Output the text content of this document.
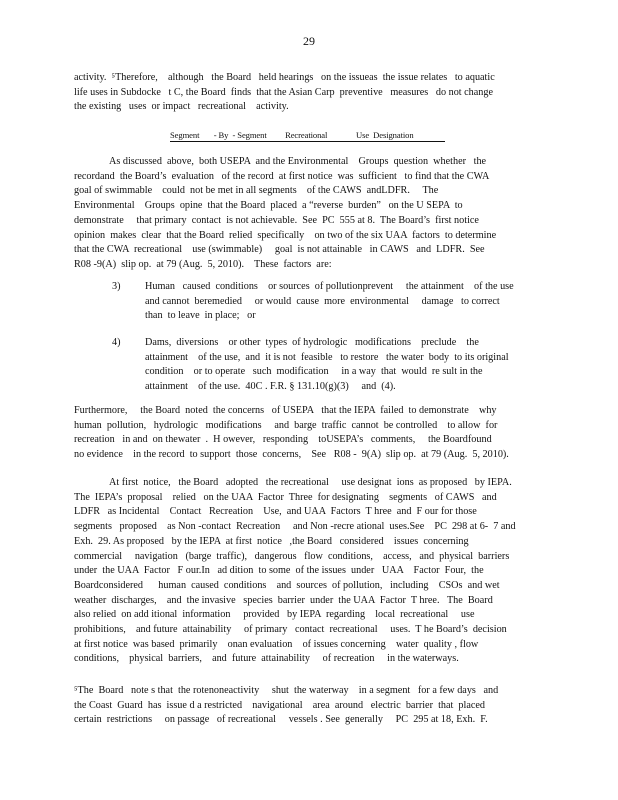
29
activity.  ⁵Therefore,    although   the Board   held hearings   on the issueas  the issue relates   to aquatic
life uses in Subdocke   t C, the Board  finds  that the Asian Carp  preventive   measures   do not change
the existing   uses  or impact   recreational    activity.
Segment       - By  - Segment         Recreational              Use  Designation
As discussed  above,  both USEPA  and the Environmental    Groups  question  whether   the
recordand  the Board’s  evaluation   of the record  at first notice  was  sufficient   to find that the CWA
goal of swimmable    could  not be met in all segments    of the CAWS  andLDFR.     The
Environmental    Groups  opine  that the Board  placed  a “reverse  burden”   on the U SEPA  to
demonstrate     that primary  contact  is not achievable.  See  PC  555 at 8.  The Board’s  first notice
opinion  makes  clear  that the Board  relied  specifically    on two of the six UAA  factors  to determine
that the CWA  recreational    use (swimmable)     goal  is not attainable   in CAWS   and  LDFR.  See
R08 -9(A)  slip op.  at 79 (Aug.  5, 2010).    These  factors  are:
3) Human   caused  conditions    or sources  of pollutionprevent     the attainment    of the use
and cannot  beremedied     or would  cause  more  environmental     damage   to correct
than  to leave  in place;   or
4) Dams,  diversions    or other  types  of hydrologic   modifications    preclude    the
attainment    of the use,  and  it is not  feasible   to restore   the water  body  to its original
condition    or to operate   such  modification     in a way  that  would  re sult in the
attainment    of the use.  40C . F.R. § 131.10(g)(3)     and  (4).
Furthermore,     the Board  noted  the concerns   of USEPA   that the IEPA  failed  to demonstrate    why
human  pollution,   hydrologic   modifications     and  barge  traffic  cannot  be controlled    to allow  for
recreation   in and  on thewater  .  H owever,   responding    toUSEPA’s   comments,     the Boardfound
no evidence    in the record  to support  those  concerns,    See   R08 -  9(A)  slip op.  at 79 (Aug.  5, 2010).
At first  notice,   the Board   adopted   the recreational     use designat  ions  as proposed   by IEPA.
The  IEPA’s  proposal    relied   on the UAA  Factor  Three  for designating    segments   of CAWS   and
LDFR   as Incidental    Contact   Recreation    Use,  and UAA  Factors  T hree  and  F our for those
segments   proposed    as Non -contact  Recreation     and Non -recre ational  uses.See    PC  298 at 6-  7 and
Exh.  29. As proposed   by the IEPA  at first  notice   ,the Board   considered    issues  concerning
commercial     navigation   (barge  traffic),   dangerous   flow  conditions,    access,   and  physical  barriers
under  the UAA  Factor   F our.In   ad dition  to some  of the issues  under   UAA    Factor  Four,  the
Boardconsidered      human  caused  conditions    and  sources  of pollution,   including    CSOs  and wet
weather  discharges,    and  the invasive   species  barrier  under  the UAA  Factor  T hree.   The  Board
also relied  on add itional  information     provided   by IEPA  regarding    local  recreational     use
prohibitions,    and future  attainability     of primary   contact  recreational     uses.  T he Board’s  decision
at first notice  was based  primarily    onan evaluation    of issues concerning    water  quality , flow
conditions,    physical  barriers,    and  future  attainability     of recreation     in the waterways.
⁵The  Board   note s that  the rotenoneactivity     shut  the waterway    in a segment   for a few days   and
the Coast  Guard  has  issue d a restricted    navigational    area  around   electric  barrier  that  placed
certain  restrictions     on passage   of recreational     vessels . See  generally     PC  295 at 18, Exh.  F.
